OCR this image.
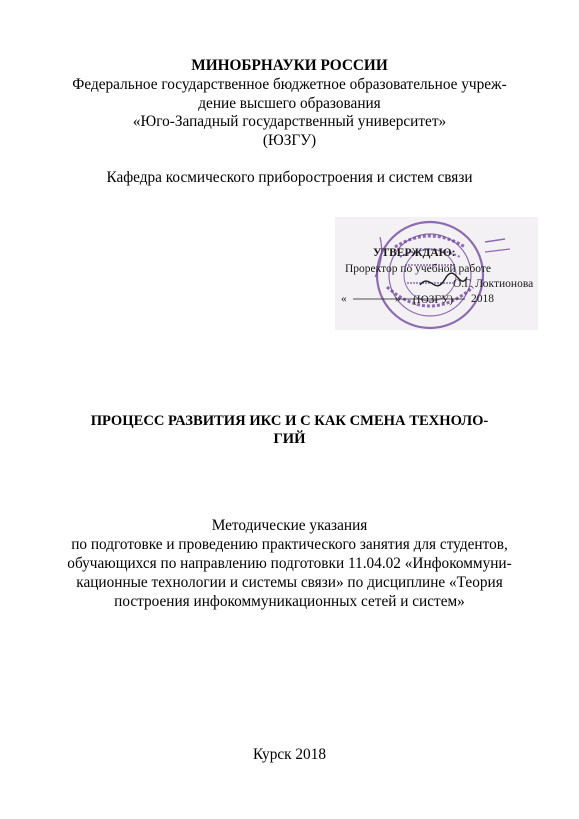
МИНОБРНАУКИ РОССИИ
Федеральное государственное бюджетное образовательное учреж-
дение высшего образования
«Юго-Западный государственный университет»
(ЮЗГУ)
Кафедра космического приборостроения и систем связи
УТВЕРЖДАЮ:
Проректор по учебной работе
О.Г. Локтионова
«	» (ЮЗГУ) 2018
ПРОЦЕСС РАЗВИТИЯ ИКС И С КАК СМЕНА ТЕХНОЛО-
ГИЙ
Методические указания
по подготовке и проведению практического занятия для студентов,
обучающихся по направлению подготовки 11.04.02 «Инфокоммуни-
кационные технологии и системы связи» по дисциплине «Теория
построения инфокоммуникационных сетей и систем»
Курск 2018
